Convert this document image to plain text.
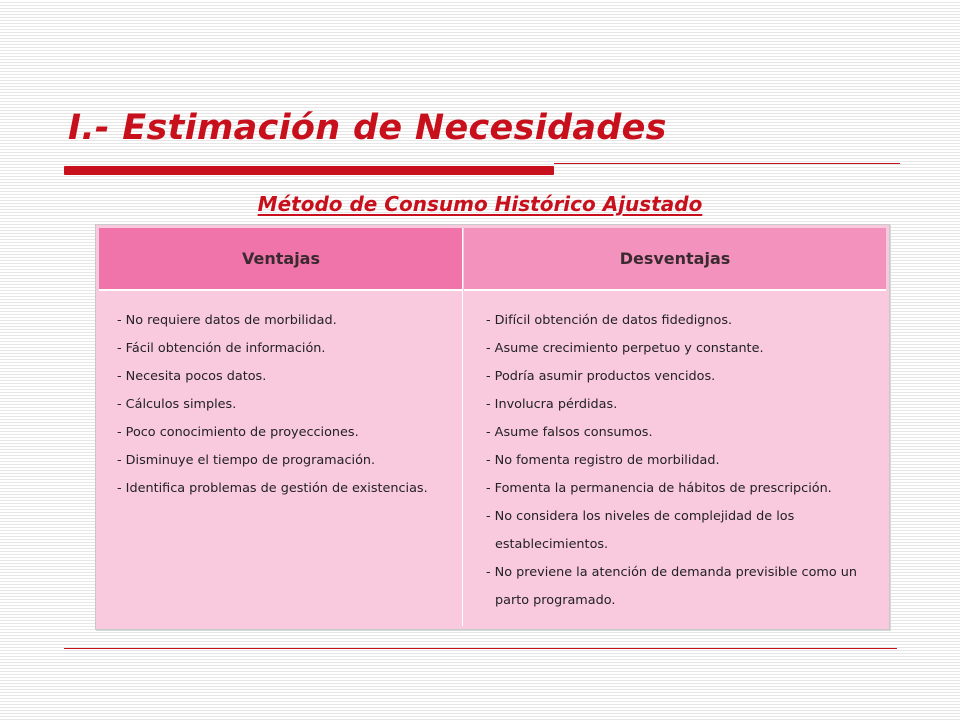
I.- Estimación de Necesidades
Método de Consumo Histórico Ajustado
Ventajas
- No requiere datos de morbilidad.
- Fácil obtención de información.
- Necesita pocos datos.
- Cálculos simples.
- Poco conocimiento de proyecciones.
- Disminuye el tiempo de programación.
- Identifica problemas de gestión de existencias.
Desventajas
- Difícil obtención de datos fidedignos.
- Asume crecimiento perpetuo y constante.
- Podría asumir productos vencidos.
- Involucra pérdidas.
- Asume falsos consumos.
- No fomenta registro de morbilidad.
- Fomenta la permanencia de hábitos de prescripción.
- No considera los niveles de complejidad de los establecimientos.
- No previene la atención de demanda previsible como un parto programado.
